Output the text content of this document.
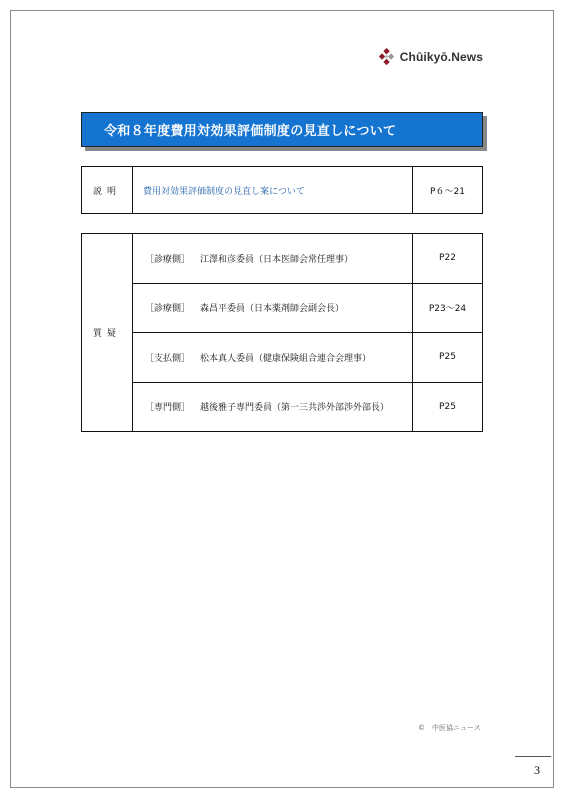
Chūikyō.News
令和８年度費用対効果評価制度の見直しについて
説明	費用対効果評価制度の見直し案について	P６～21
質疑	［診療側］ 江澤和彦委員（日本医師会常任理事）	P22
	［診療側］ 森昌平委員（日本薬剤師会副会長）	P23～24
	［支払側］ 松本真人委員（健康保険組合連合会理事）	P25
	［専門側］ 越後雅子専門委員（第一三共渉外部渉外部長）	P25
©　中医協ニュース
3
